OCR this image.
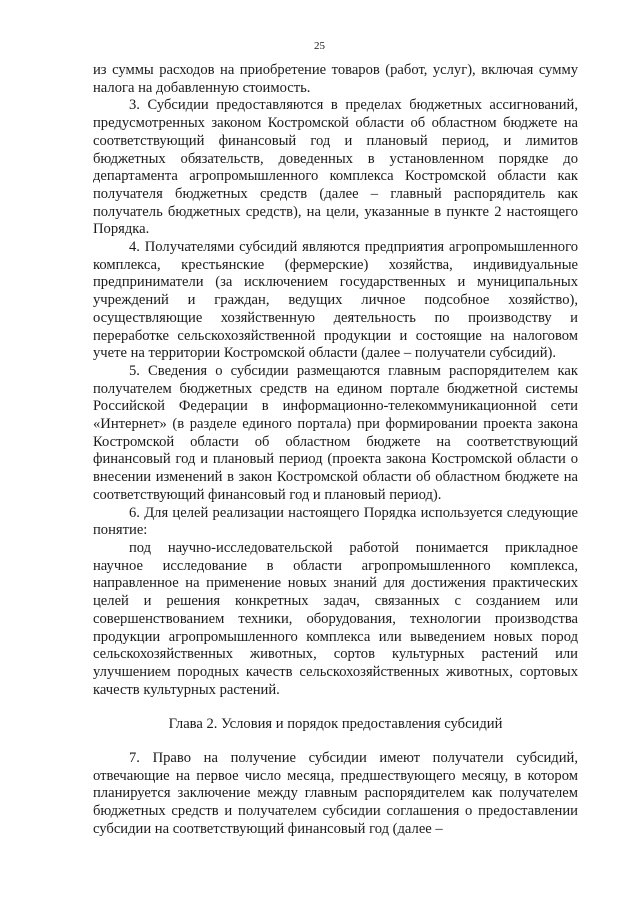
25

из суммы расходов на приобретение товаров (работ, услуг), включая сумму налога на добавленную стоимость.

3. Субсидии предоставляются в пределах бюджетных ассигнований, предусмотренных законом Костромской области об областном бюджете на соответствующий финансовый год и плановый период, и лимитов бюджетных обязательств, доведенных в установленном порядке до департамента агропромышленного комплекса Костромской области как получателя бюджетных средств (далее – главный распорядитель как получатель бюджетных средств), на цели, указанные в пункте 2 настоящего Порядка.

4. Получателями субсидий являются предприятия агропромышленного комплекса, крестьянские (фермерские) хозяйства, индивидуальные предприниматели (за исключением государственных и муниципальных учреждений и граждан, ведущих личное подсобное хозяйство), осуществляющие хозяйственную деятельность по производству и переработке сельскохозяйственной продукции и состоящие на налоговом учете на территории Костромской области (далее – получатели субсидий).

5. Сведения о субсидии размещаются главным распорядителем как получателем бюджетных средств на едином портале бюджетной системы Российской Федерации в информационно-телекоммуникационной сети «Интернет» (в разделе единого портала) при формировании проекта закона Костромской области об областном бюджете на соответствующий финансовый год и плановый период (проекта закона Костромской области о внесении изменений в закон Костромской области об областном бюджете на соответствующий финансовый год и плановый период).

6. Для целей реализации настоящего Порядка используется следующие понятие:

под научно-исследовательской работой понимается прикладное научное исследование в области агропромышленного комплекса, направленное на применение новых знаний для достижения практических целей и решения конкретных задач, связанных с созданием или совершенствованием техники, оборудования, технологии производства продукции агропромышленного комплекса или выведением новых пород сельскохозяйственных животных, сортов культурных растений или улучшением породных качеств сельскохозяйственных животных, сортовых качеств культурных растений.

Глава 2. Условия и порядок предоставления субсидий

7. Право на получение субсидии имеют получатели субсидий, отвечающие на первое число месяца, предшествующего месяцу, в котором планируется заключение между главным распорядителем как получателем бюджетных средств и получателем субсидии соглашения о предоставлении субсидии на соответствующий финансовый год (далее –
